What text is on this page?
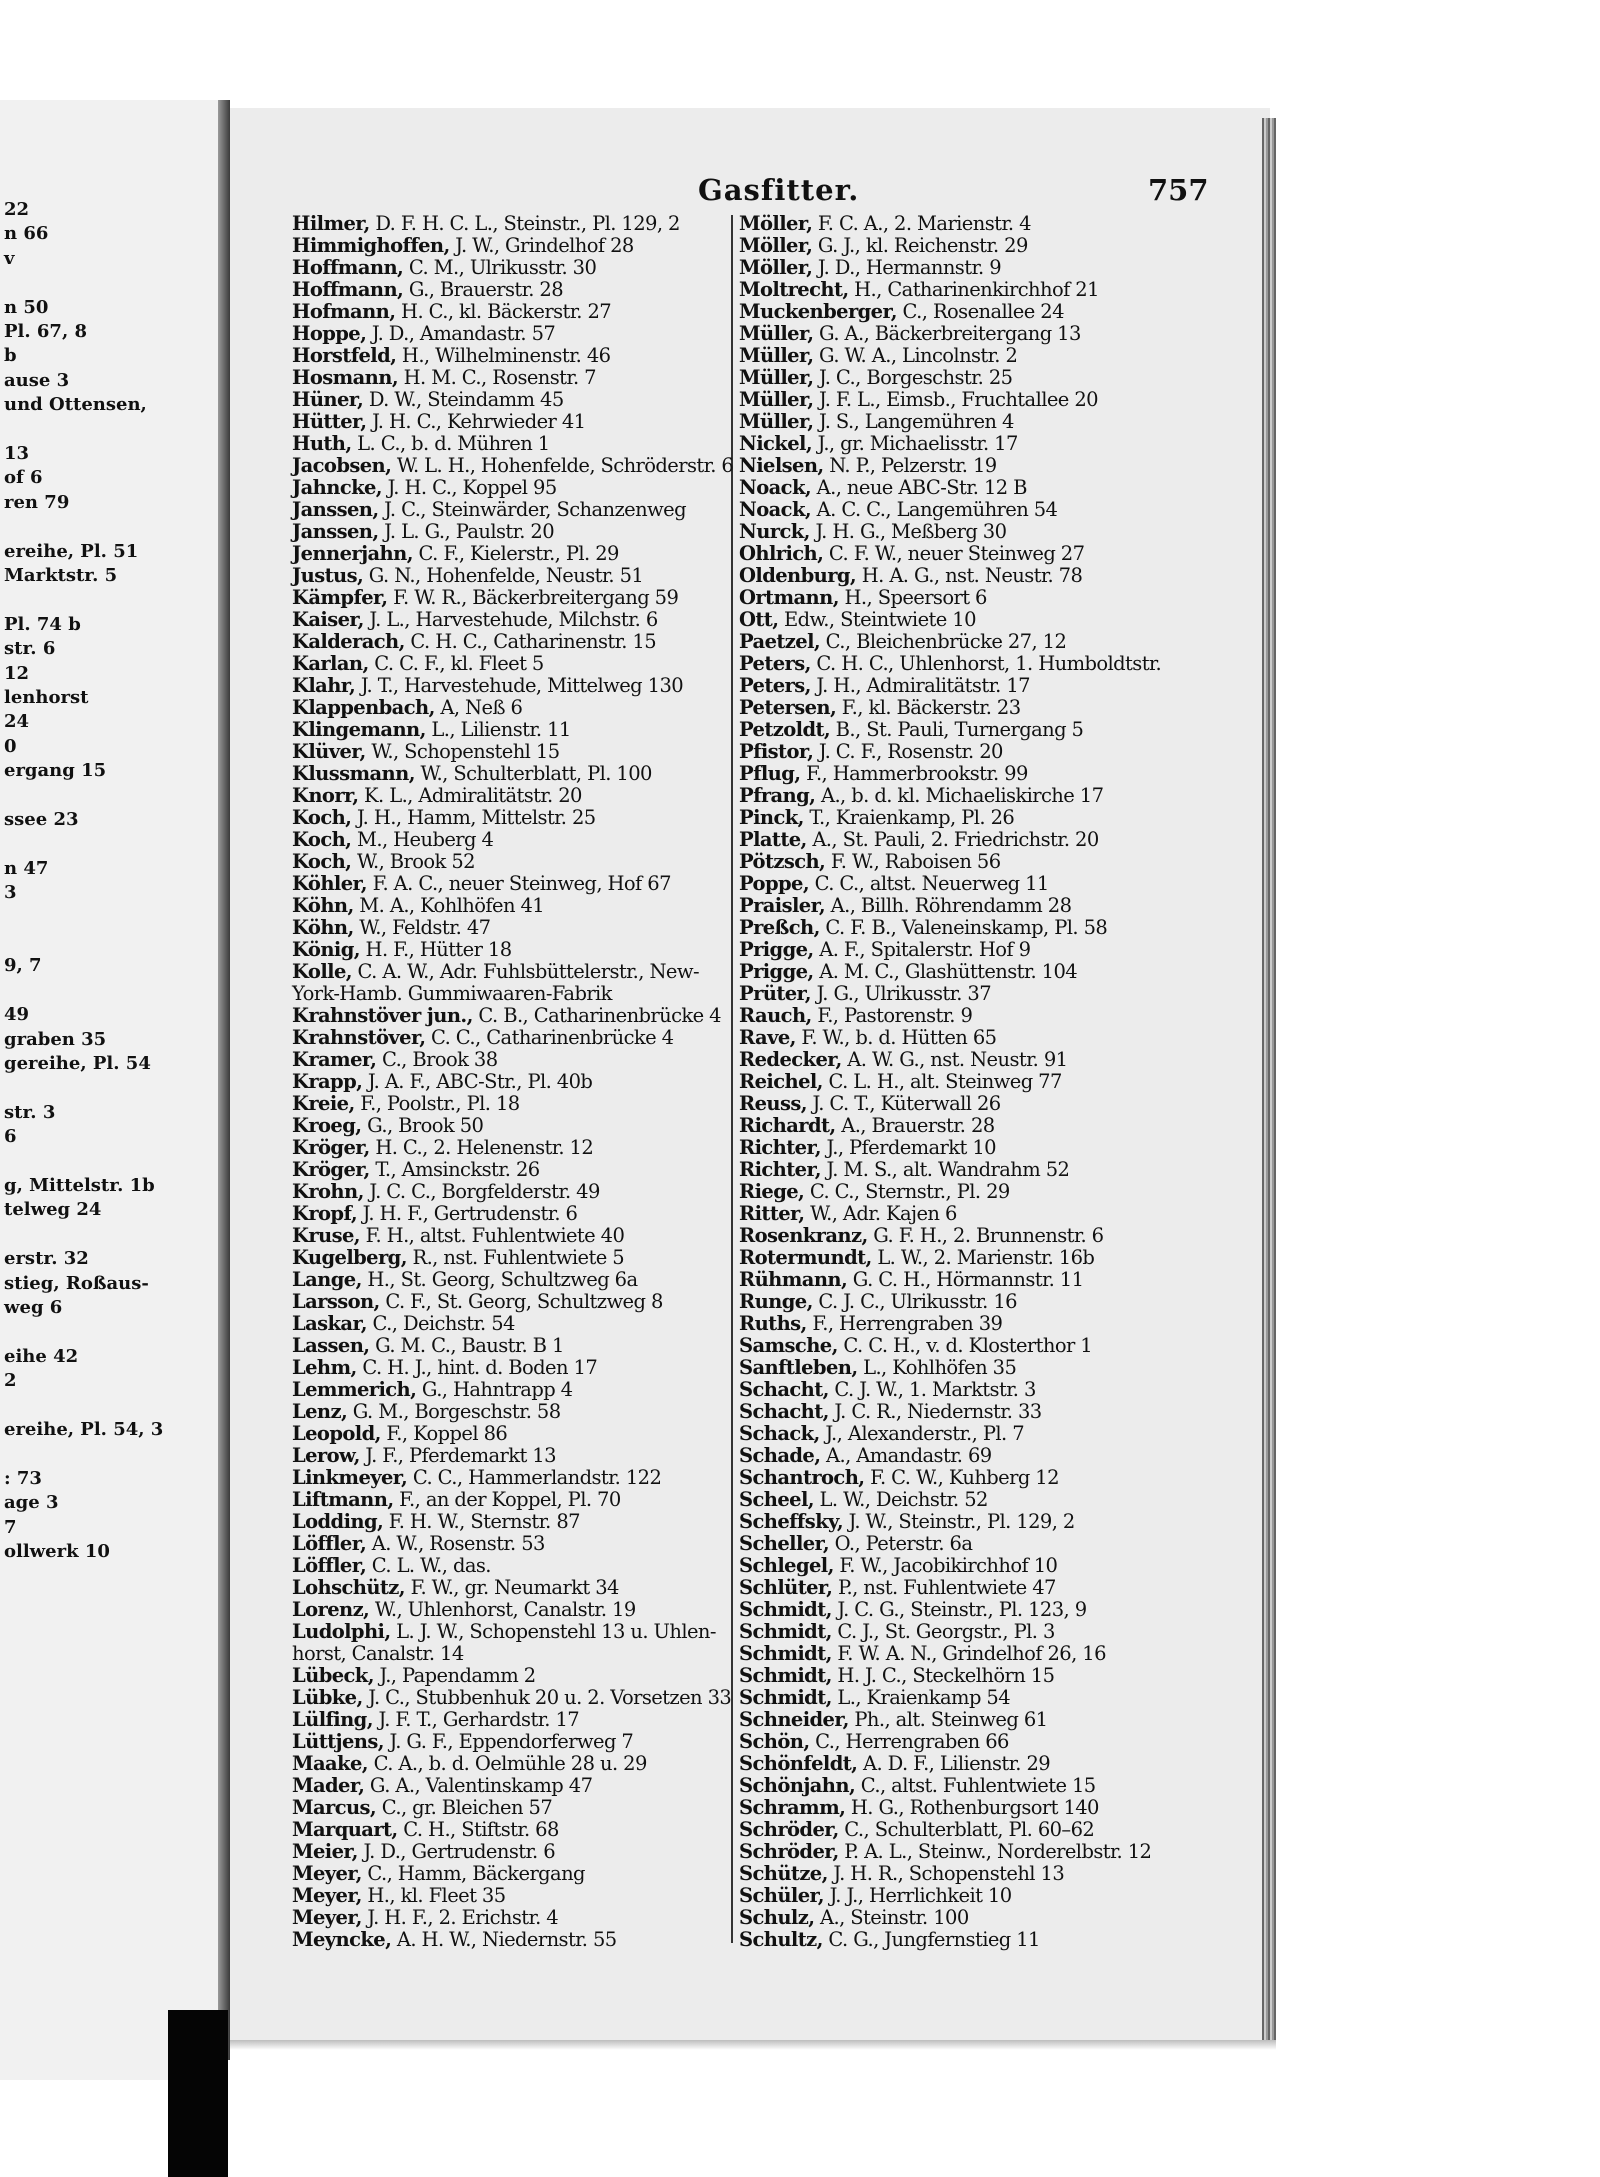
22
n 66
v
n 50
Pl. 67, 8
b
ause 3
und Ottensen,
13
of 6
ren 79
ereihe, Pl. 51
Marktstr. 5
Pl. 74 b
str. 6
12
lenhorst
24
0
ergang 15
ssee 23
n 47
3
9, 7
49
graben 35
gereihe, Pl. 54
str. 3
6
g, Mittelstr. 1b
telweg 24
erstr. 32
stieg, Roßaus-
weg 6
eihe 42
2
ereihe, Pl. 54, 3
: 73
age 3
7
ollwerk 10
Gasfitter.	757
Hilmer, D. F. H. C. L., Steinstr., Pl. 129, 2
Himmighoffen, J. W., Grindelhof 28
Hoffmann, C. M., Ulrikusstr. 30
Hoffmann, G., Brauerstr. 28
Hofmann, H. C., kl. Bäckerstr. 27
Hoppe, J. D., Amandastr. 57
Horstfeld, H., Wilhelminenstr. 46
Hosmann, H. M. C., Rosenstr. 7
Hüner, D. W., Steindamm 45
Hütter, J. H. C., Kehrwieder 41
Huth, L. C., b. d. Mühren 1
Jacobsen, W. L. H., Hohenfelde, Schröderstr. 6
Jahncke, J. H. C., Koppel 95
Janssen, J. C., Steinwärder, Schanzenweg
Janssen, J. L. G., Paulstr. 20
Jennerjahn, C. F., Kielerstr., Pl. 29
Justus, G. N., Hohenfelde, Neustr. 51
Kämpfer, F. W. R., Bäckerbreitergang 59
Kaiser, J. L., Harvestehude, Milchstr. 6
Kalderach, C. H. C., Catharinenstr. 15
Karlan, C. C. F., kl. Fleet 5
Klahr, J. T., Harvestehude, Mittelweg 130
Klappenbach, A, Neß 6
Klingemann, L., Lilienstr. 11
Klüver, W., Schopenstehl 15
Klussmann, W., Schulterblatt, Pl. 100
Knorr, K. L., Admiralitätstr. 20
Koch, J. H., Hamm, Mittelstr. 25
Koch, M., Heuberg 4
Koch, W., Brook 52
Köhler, F. A. C., neuer Steinweg, Hof 67
Köhn, M. A., Kohlhöfen 41
Köhn, W., Feldstr. 47
König, H. F., Hütter 18
Kolle, C. A. W., Adr. Fuhlsbüttelerstr., New-
York-Hamb. Gummiwaaren-Fabrik
Krahnstöver jun., C. B., Catharinenbrücke 4
Krahnstöver, C. C., Catharinenbrücke 4
Kramer, C., Brook 38
Krapp, J. A. F., ABC-Str., Pl. 40b
Kreie, F., Poolstr., Pl. 18
Kroeg, G., Brook 50
Kröger, H. C., 2. Helenenstr. 12
Kröger, T., Amsinckstr. 26
Krohn, J. C. C., Borgfelderstr. 49
Kropf, J. H. F., Gertrudenstr. 6
Kruse, F. H., altst. Fuhlentwiete 40
Kugelberg, R., nst. Fuhlentwiete 5
Lange, H., St. Georg, Schultzweg 6a
Larsson, C. F., St. Georg, Schultzweg 8
Laskar, C., Deichstr. 54
Lassen, G. M. C., Baustr. B 1
Lehm, C. H. J., hint. d. Boden 17
Lemmerich, G., Hahntrapp 4
Lenz, G. M., Borgeschstr. 58
Leopold, F., Koppel 86
Lerow, J. F., Pferdemarkt 13
Linkmeyer, C. C., Hammerlandstr. 122
Liftmann, F., an der Koppel, Pl. 70
Lodding, F. H. W., Sternstr. 87
Löffler, A. W., Rosenstr. 53
Löffler, C. L. W., das.
Lohschütz, F. W., gr. Neumarkt 34
Lorenz, W., Uhlenhorst, Canalstr. 19
Ludolphi, L. J. W., Schopenstehl 13 u. Uhlen-
horst, Canalstr. 14
Lübeck, J., Papendamm 2
Lübke, J. C., Stubbenhuk 20 u. 2. Vorsetzen 33
Lülfing, J. F. T., Gerhardstr. 17
Lüttjens, J. G. F., Eppendorferweg 7
Maake, C. A., b. d. Oelmühle 28 u. 29
Mader, G. A., Valentinskamp 47
Marcus, C., gr. Bleichen 57
Marquart, C. H., Stiftstr. 68
Meier, J. D., Gertrudenstr. 6
Meyer, C., Hamm, Bäckergang
Meyer, H., kl. Fleet 35
Meyer, J. H. F., 2. Erichstr. 4
Meyncke, A. H. W., Niedernstr. 55
Möller, F. C. A., 2. Marienstr. 4
Möller, G. J., kl. Reichenstr. 29
Möller, J. D., Hermannstr. 9
Moltrecht, H., Catharinenkirchhof 21
Muckenberger, C., Rosenallee 24
Müller, G. A., Bäckerbreitergang 13
Müller, G. W. A., Lincolnstr. 2
Müller, J. C., Borgeschstr. 25
Müller, J. F. L., Eimsb., Fruchtallee 20
Müller, J. S., Langemühren 4
Nickel, J., gr. Michaelisstr. 17
Nielsen, N. P., Pelzerstr. 19
Noack, A., neue ABC-Str. 12 B
Noack, A. C. C., Langemühren 54
Nurck, J. H. G., Meßberg 30
Ohlrich, C. F. W., neuer Steinweg 27
Oldenburg, H. A. G., nst. Neustr. 78
Ortmann, H., Speersort 6
Ott, Edw., Steintwiete 10
Paetzel, C., Bleichenbrücke 27, 12
Peters, C. H. C., Uhlenhorst, 1. Humboldtstr.
Peters, J. H., Admiralitätstr. 17
Petersen, F., kl. Bäckerstr. 23
Petzoldt, B., St. Pauli, Turnergang 5
Pfistor, J. C. F., Rosenstr. 20
Pflug, F., Hammerbrookstr. 99
Pfrang, A., b. d. kl. Michaeliskirche 17
Pinck, T., Kraienkamp, Pl. 26
Platte, A., St. Pauli, 2. Friedrichstr. 20
Pötzsch, F. W., Raboisen 56
Poppe, C. C., altst. Neuerweg 11
Praisler, A., Billh. Röhrendamm 28
Preßch, C. F. B., Valeneinskamp, Pl. 58
Prigge, A. F., Spitalerstr. Hof 9
Prigge, A. M. C., Glashüttenstr. 104
Prüter, J. G., Ulrikusstr. 37
Rauch, F., Pastorenstr. 9
Rave, F. W., b. d. Hütten 65
Redecker, A. W. G., nst. Neustr. 91
Reichel, C. L. H., alt. Steinweg 77
Reuss, J. C. T., Küterwall 26
Richardt, A., Brauerstr. 28
Richter, J., Pferdemarkt 10
Richter, J. M. S., alt. Wandrahm 52
Riege, C. C., Sternstr., Pl. 29
Ritter, W., Adr. Kajen 6
Rosenkranz, G. F. H., 2. Brunnenstr. 6
Rotermundt, L. W., 2. Marienstr. 16b
Rühmann, G. C. H., Hörmannstr. 11
Runge, C. J. C., Ulrikusstr. 16
Ruths, F., Herrengraben 39
Samsche, C. C. H., v. d. Klosterthor 1
Sanftleben, L., Kohlhöfen 35
Schacht, C. J. W., 1. Marktstr. 3
Schacht, J. C. R., Niedernstr. 33
Schack, J., Alexanderstr., Pl. 7
Schade, A., Amandastr. 69
Schantroch, F. C. W., Kuhberg 12
Scheel, L. W., Deichstr. 52
Scheffsky, J. W., Steinstr., Pl. 129, 2
Scheller, O., Peterstr. 6a
Schlegel, F. W., Jacobikirchhof 10
Schlüter, P., nst. Fuhlentwiete 47
Schmidt, J. C. G., Steinstr., Pl. 123, 9
Schmidt, C. J., St. Georgstr., Pl. 3
Schmidt, F. W. A. N., Grindelhof 26, 16
Schmidt, H. J. C., Steckelhörn 15
Schmidt, L., Kraienkamp 54
Schneider, Ph., alt. Steinweg 61
Schön, C., Herrengraben 66
Schönfeldt, A. D. F., Lilienstr. 29
Schönjahn, C., altst. Fuhlentwiete 15
Schramm, H. G., Rothenburgsort 140
Schröder, C., Schulterblatt, Pl. 60–62
Schröder, P. A. L., Steinw., Norderelbstr. 12
Schütze, J. H. R., Schopenstehl 13
Schüler, J. J., Herrlichkeit 10
Schulz, A., Steinstr. 100
Schultz, C. G., Jungfernstieg 11
